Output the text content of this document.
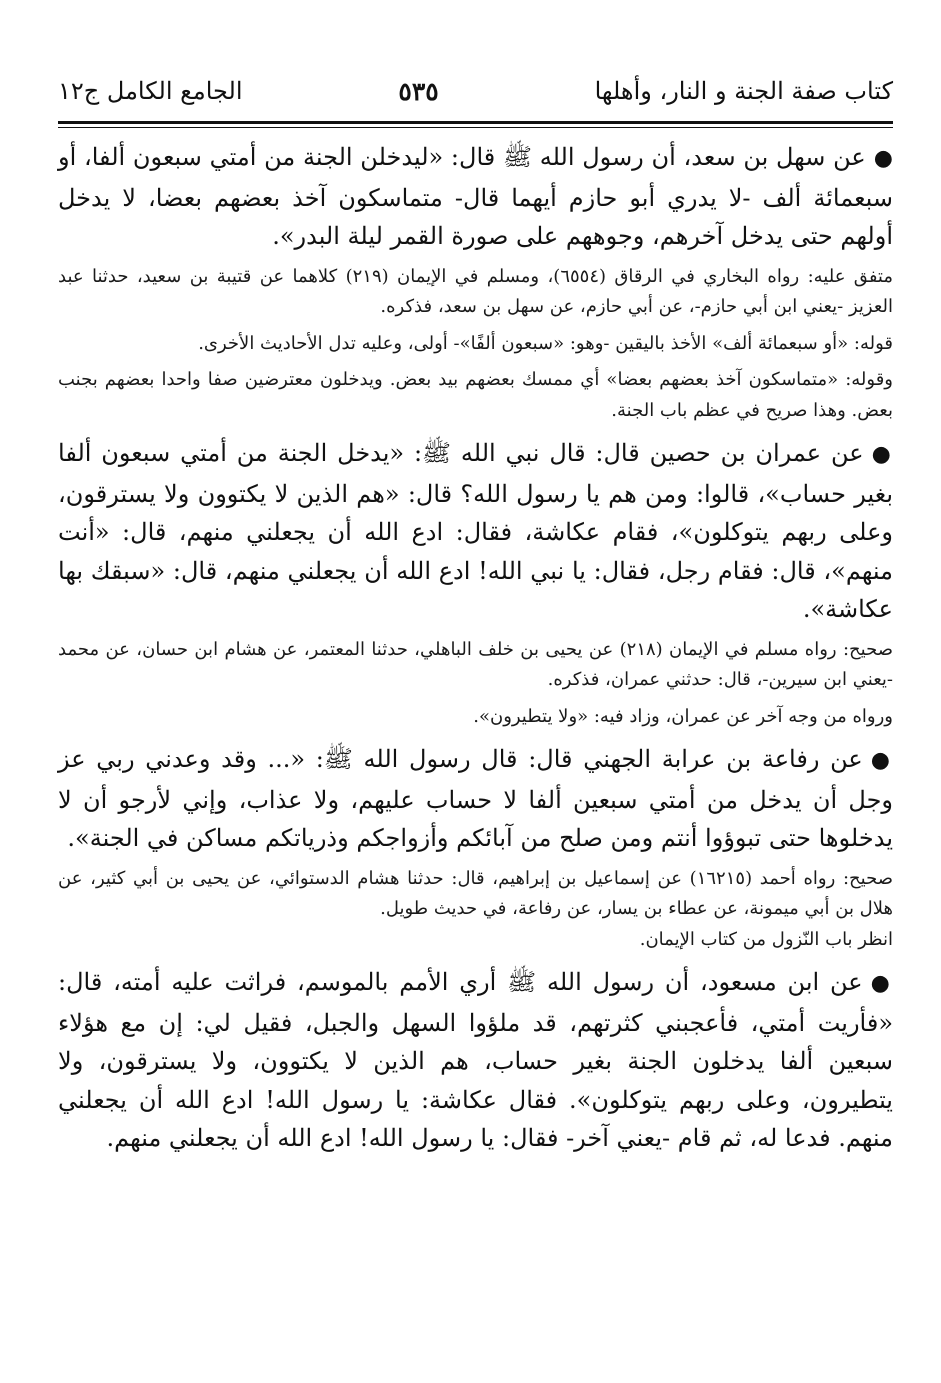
كتاب صفة الجنة و النار، وأهلها
٥٣٥
الجامع الكامل ج١٢

●عن سهل بن سعد، أن رسول الله ﷺ قال: «ليدخلن الجنة من أمتي سبعون ألفا، أو سبعمائة ألف -لا يدري أبو حازم أيهما قال- متماسكون آخذ بعضهم بعضا، لا يدخل أولهم حتى يدخل آخرهم، وجوههم على صورة القمر ليلة البدر».

متفق عليه: رواه البخاري في الرقاق (٦٥٥٤)، ومسلم في الإيمان (٢١٩) كلاهما عن قتيبة بن سعيد، حدثنا عبد العزيز -يعني ابن أبي حازم-، عن أبي حازم، عن سهل بن سعد، فذكره.

قوله: «أو سبعمائة ألف» الأخذ باليقين -وهو: «سبعون ألفًا»- أولى، وعليه تدل الأحاديث الأخرى.

وقوله: «متماسكون آخذ بعضهم بعضا» أي ممسك بعضهم بيد بعض. ويدخلون معترضين صفا واحدا بعضهم بجنب بعض. وهذا صريح في عظم باب الجنة.

●عن عمران بن حصين قال: قال نبي الله ﷺ: «يدخل الجنة من أمتي سبعون ألفا بغير حساب»، قالوا: ومن هم يا رسول الله؟ قال: «هم الذين لا يكتوون ولا يسترقون، وعلى ربهم يتوكلون»، فقام عكاشة، فقال: ادع الله أن يجعلني منهم، قال: «أنت منهم»، قال: فقام رجل، فقال: يا نبي الله! ادع الله أن يجعلني منهم، قال: «سبقك بها عكاشة».

صحيح: رواه مسلم في الإيمان (٢١٨) عن يحيى بن خلف الباهلي، حدثنا المعتمر، عن هشام ابن حسان، عن محمد -يعني ابن سيرين-، قال: حدثني عمران، فذكره.

ورواه من وجه آخر عن عمران، وزاد فيه: «ولا يتطيرون».

●عن رفاعة بن عرابة الجهني قال: قال رسول الله ﷺ: «... وقد وعدني ربي عز وجل أن يدخل من أمتي سبعين ألفا لا حساب عليهم، ولا عذاب، وإني لأرجو أن لا يدخلوها حتى تبوؤوا أنتم ومن صلح من آبائكم وأزواجكم وذرياتكم مساكن في الجنة».

صحيح: رواه أحمد (١٦٢١٥) عن إسماعيل بن إبراهيم، قال: حدثنا هشام الدستوائي، عن يحيى بن أبي كثير، عن هلال بن أبي ميمونة، عن عطاء بن يسار، عن رفاعة، في حديث طويل.

انظر باب النّزول من كتاب الإيمان.

●عن ابن مسعود، أن رسول الله ﷺ أري الأمم بالموسم، فراثت عليه أمته، قال: «فأريت أمتي، فأعجبني كثرتهم، قد ملؤوا السهل والجبل، فقيل لي: إن مع هؤلاء سبعين ألفا يدخلون الجنة بغير حساب، هم الذين لا يكتوون، ولا يسترقون، ولا يتطيرون، وعلى ربهم يتوكلون». فقال عكاشة: يا رسول الله! ادع الله أن يجعلني منهم. فدعا له، ثم قام -يعني آخر- فقال: يا رسول الله! ادع الله أن يجعلني منهم.
